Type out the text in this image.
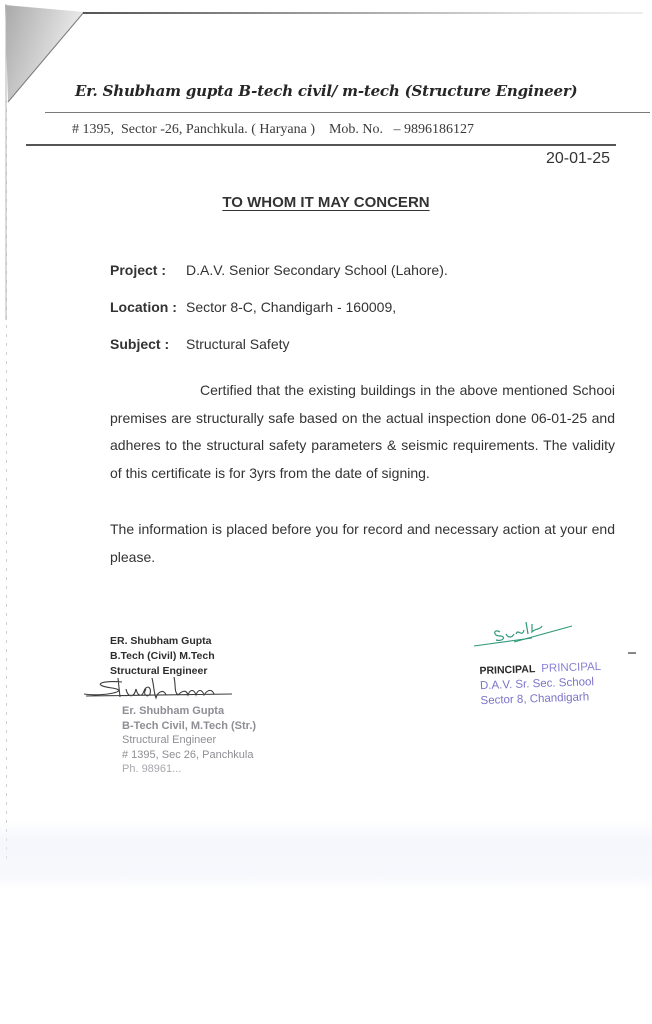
Er. Shubham gupta B-tech civil/ m-tech (Structure Engineer)
# 1395,  Sector -26, Panchkula. ( Haryana )    Mob. No.   – 9896186127
20-01-25
TO WHOM IT MAY CONCERN
Project : D.A.V. Senior Secondary School (Lahore).
Location : Sector 8-C, Chandigarh - 160009,
Subject : Structural Safety

Certified that the existing buildings in the above mentioned Schooi premises are structurally safe based on the actual inspection done 06-01-25 and adheres to the structural safety parameters & seismic requirements. The validity of this certificate is for 3yrs from the date of signing.

The information is placed before you for record and necessary action at your end please.

ER. Shubham Gupta
B.Tech (Civil) M.Tech
Structural Engineer
Er. Shubham Gupta
B-Tech Civil, M.Tech (Str.)
Structural Engineer
# 1395, Sec 26, Panchkula
Ph. 98961...
PRINCIPAL PRINCIPAL
D.A.V. Sr. Sec. School
Sector 8, Chandigarh
